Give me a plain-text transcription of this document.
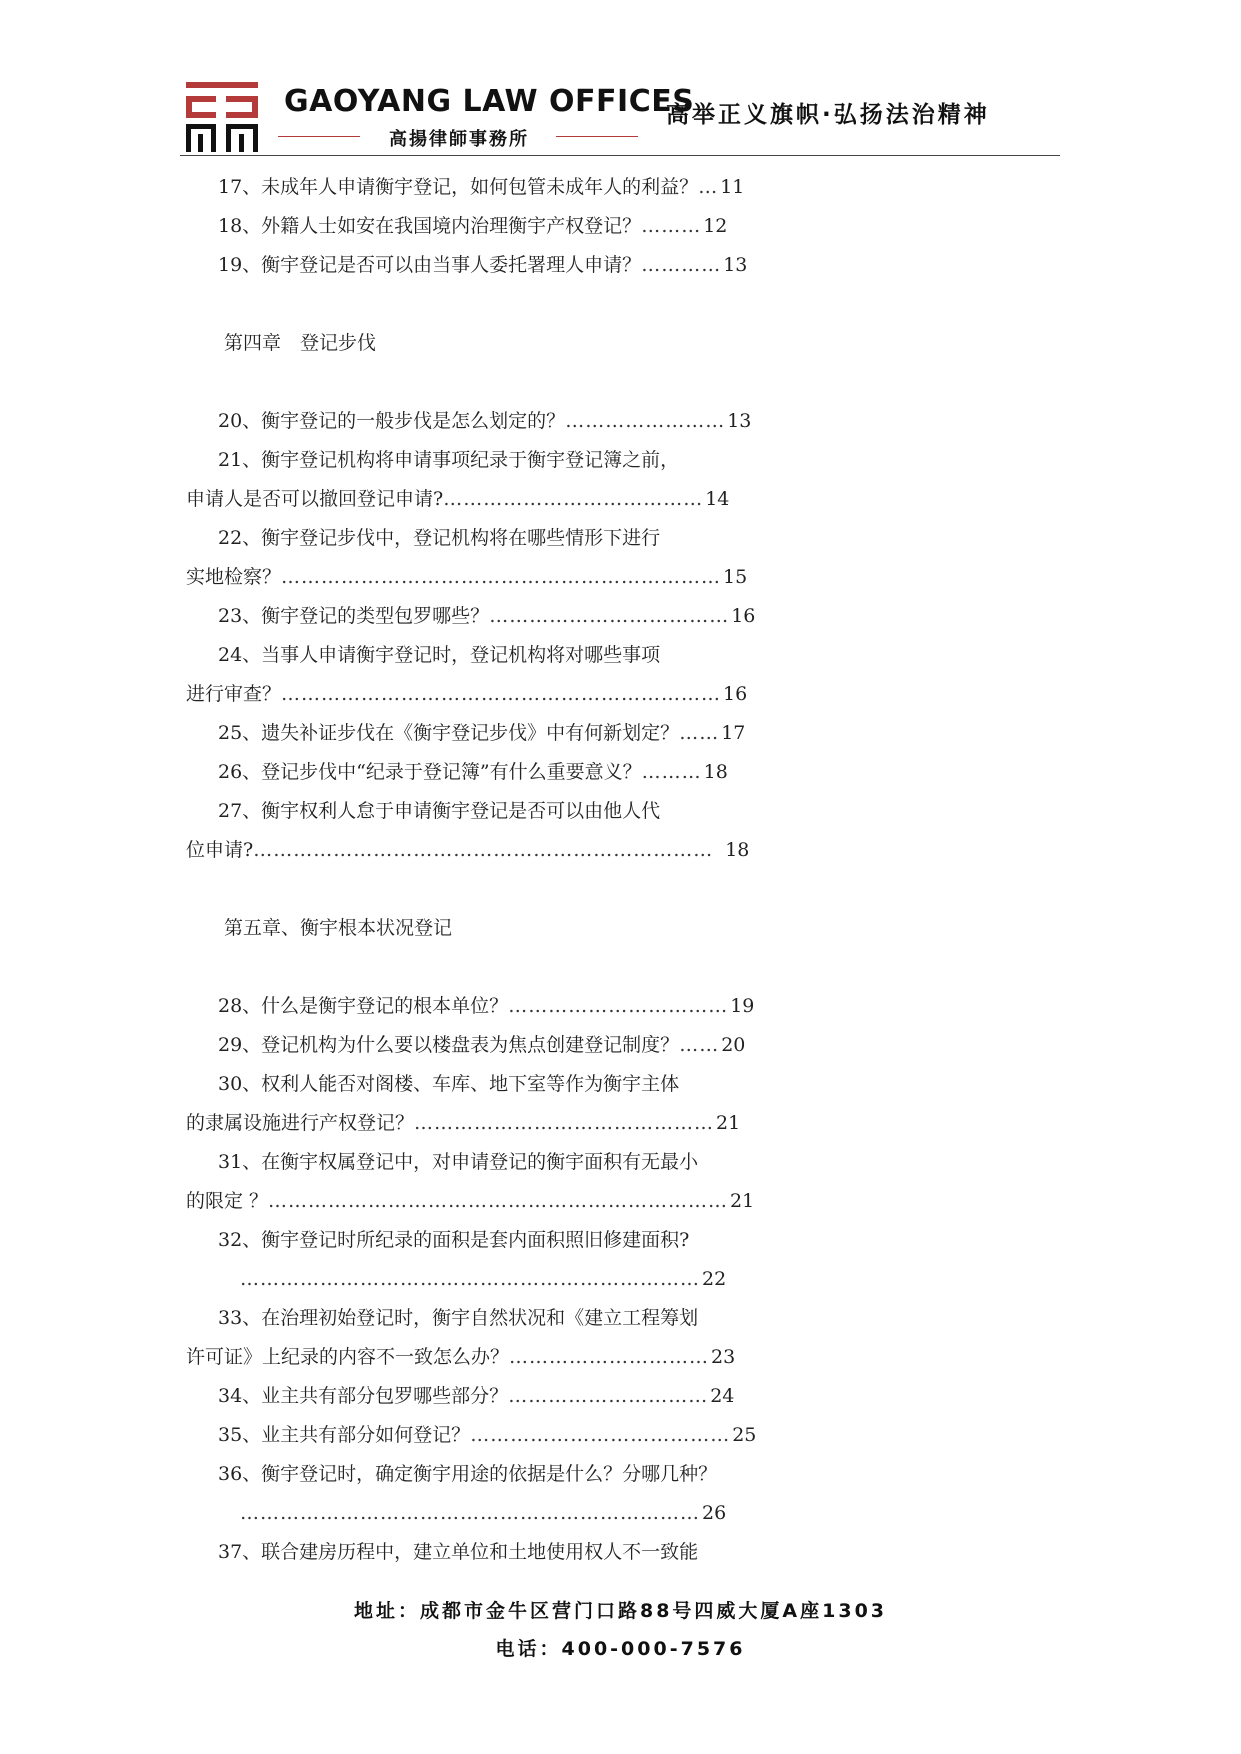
GAOYANG LAW OFFICES
高揚律師事務所
高举正义旗帜·弘扬法治精神
17、未成年人申请衡宇登记，如何包管未成年人的利益？ … 11
18、外籍人士如安在我国境内治理衡宇产权登记？ ……… 12
19、衡宇登记是否可以由当事人委托署理人申请？ ………… 13
第四章　登记步伐
20、衡宇登记的一般步伐是怎么划定的？ …………………… 13
21、衡宇登记机构将申请事项纪录于衡宇登记簿之前，
申请人是否可以撤回登记申请? ………………………………… 14
22、衡宇登记步伐中，登记机构将在哪些情形下进行
实地检察？ ………………………………………………………… 15
23、衡宇登记的类型包罗哪些？ ……………………………… 16
24、当事人申请衡宇登记时，登记机构将对哪些事项
进行审查？ ………………………………………………………… 16
25、遗失补证步伐在《衡宇登记步伐》中有何新划定？ …… 17
26、登记步伐中“纪录于登记簿”有什么重要意义？ ……… 18
27、衡宇权利人怠于申请衡宇登记是否可以由他人代
位申请? …………………………………………………………… 18
第五章、衡宇根本状况登记
28、什么是衡宇登记的根本单位？ …………………………… 19
29、登记机构为什么要以楼盘表为焦点创建登记制度？ …… 20
30、权利人能否对阁楼、车库、地下室等作为衡宇主体
的隶属设施进行产权登记？ ……………………………………… 21
31、在衡宇权属登记中，对申请登记的衡宇面积有无最小
的限定 ？ …………………………………………………………… 21
32、衡宇登记时所纪录的面积是套内面积照旧修建面积?
…………………………………………………………… 22
33、在治理初始登记时，衡宇自然状况和《建立工程筹划
许可证》上纪录的内容不一致怎么办？ ………………………… 23
34、业主共有部分包罗哪些部分？ ………………………… 24
35、业主共有部分如何登记？ ………………………………… 25
36、衡宇登记时，确定衡宇用途的依据是什么？分哪几种？
…………………………………………………………… 26
37、联合建房历程中，建立单位和土地使用权人不一致能
地址：成都市金牛区营门口路88号四威大厦A座1303
电话：400-000-7576
